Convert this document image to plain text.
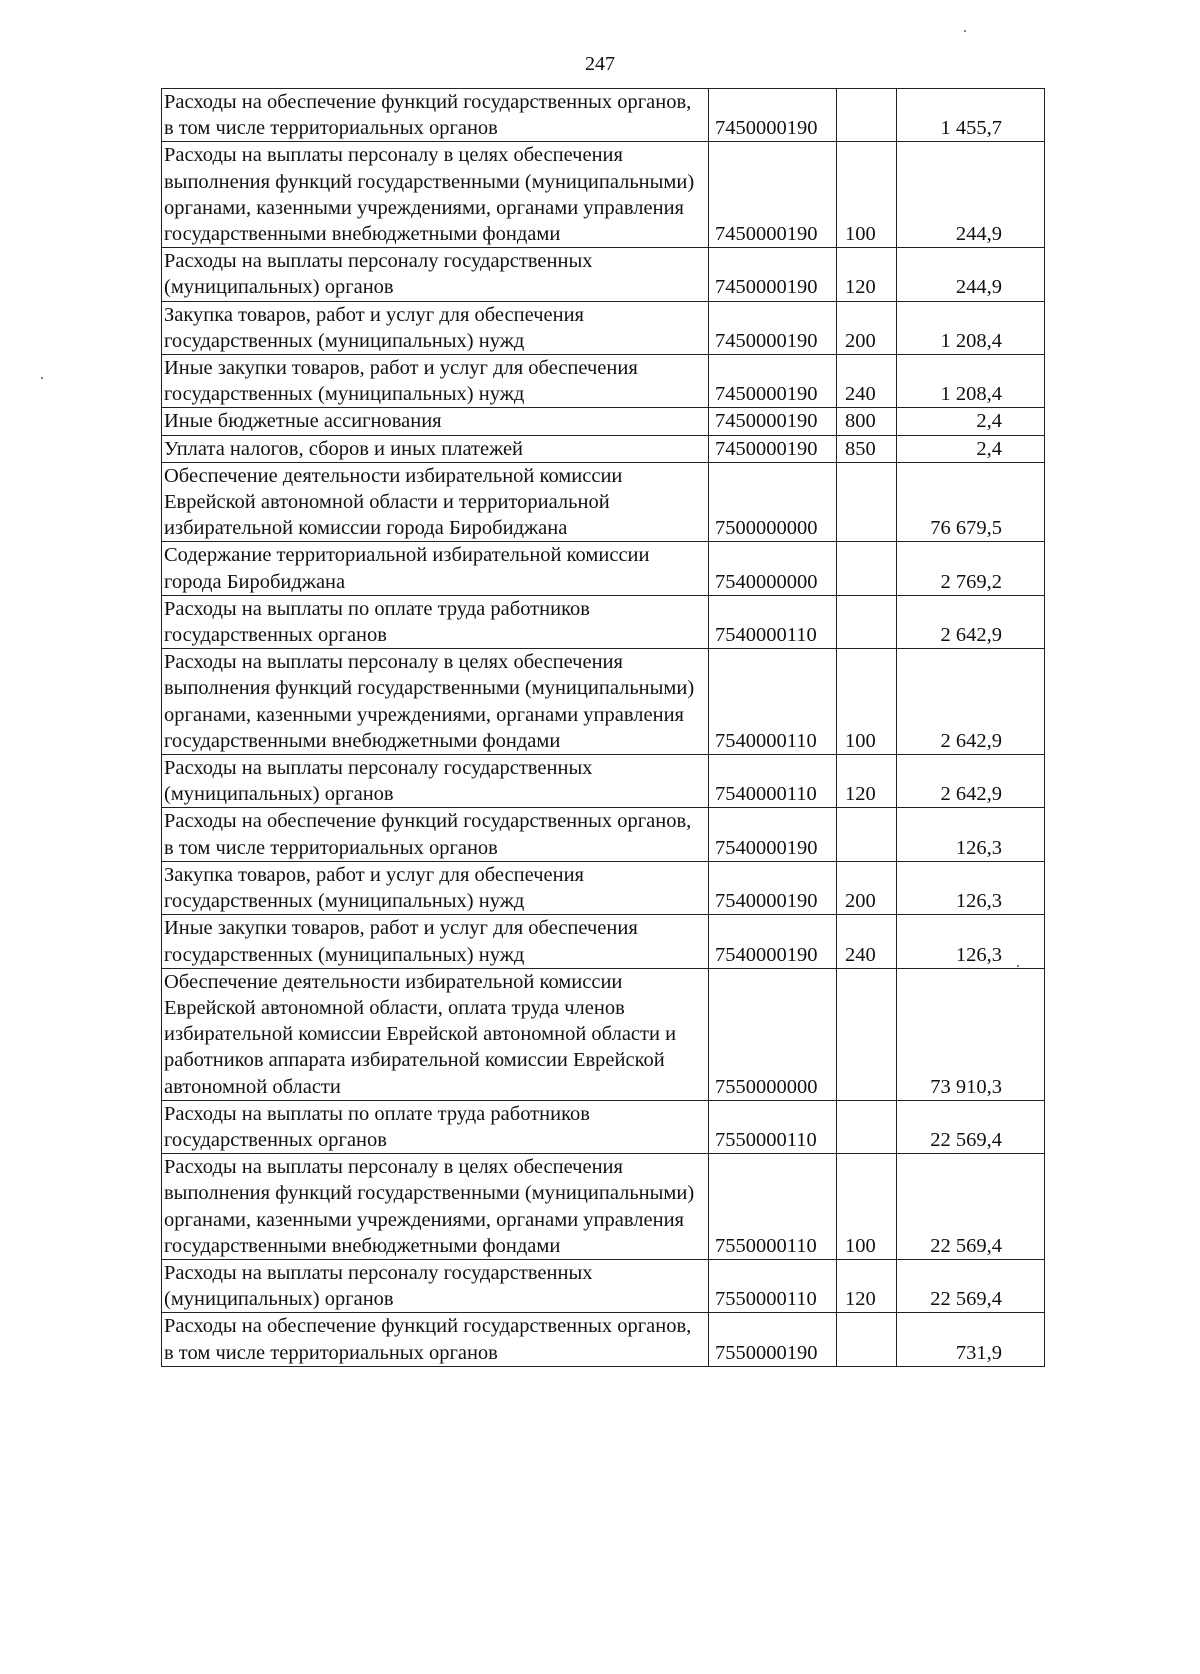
247
Расходы на обеспечение функций государственных органов, в том числе территориальных органов	7450000190		1 455,7
Расходы на выплаты персоналу в целях обеспечения выполнения функций государственными (муниципальными) органами, казенными учреждениями, органами управления государственными внебюджетными фондами	7450000190	100	244,9
Расходы на выплаты персоналу государственных (муниципальных) органов	7450000190	120	244,9
Закупка товаров, работ и услуг для обеспечения государственных (муниципальных) нужд	7450000190	200	1 208,4
Иные закупки товаров, работ и услуг для обеспечения государственных (муниципальных) нужд	7450000190	240	1 208,4
Иные бюджетные ассигнования	7450000190	800	2,4
Уплата налогов, сборов и иных платежей	7450000190	850	2,4
Обеспечение деятельности избирательной комиссии Еврейской автономной области и территориальной избирательной комиссии города Биробиджана	7500000000		76 679,5
Содержание территориальной избирательной комиссии города Биробиджана	7540000000		2 769,2
Расходы на выплаты по оплате труда работников государственных органов	7540000110		2 642,9
Расходы на выплаты персоналу в целях обеспечения выполнения функций государственными (муниципальными) органами, казенными учреждениями, органами управления государственными внебюджетными фондами	7540000110	100	2 642,9
Расходы на выплаты персоналу государственных (муниципальных) органов	7540000110	120	2 642,9
Расходы на обеспечение функций государственных органов, в том числе территориальных органов	7540000190		126,3
Закупка товаров, работ и услуг для обеспечения государственных (муниципальных) нужд	7540000190	200	126,3
Иные закупки товаров, работ и услуг для обеспечения государственных (муниципальных) нужд	7540000190	240	126,3
Обеспечение деятельности избирательной комиссии Еврейской автономной области, оплата труда членов избирательной комиссии Еврейской автономной области и работников аппарата избирательной комиссии Еврейской автономной области	7550000000		73 910,3
Расходы на выплаты по оплате труда работников государственных органов	7550000110		22 569,4
Расходы на выплаты персоналу в целях обеспечения выполнения функций государственными (муниципальными) органами, казенными учреждениями, органами управления государственными внебюджетными фондами	7550000110	100	22 569,4
Расходы на выплаты персоналу государственных (муниципальных) органов	7550000110	120	22 569,4
Расходы на обеспечение функций государственных органов, в том числе территориальных органов	7550000190		731,9
